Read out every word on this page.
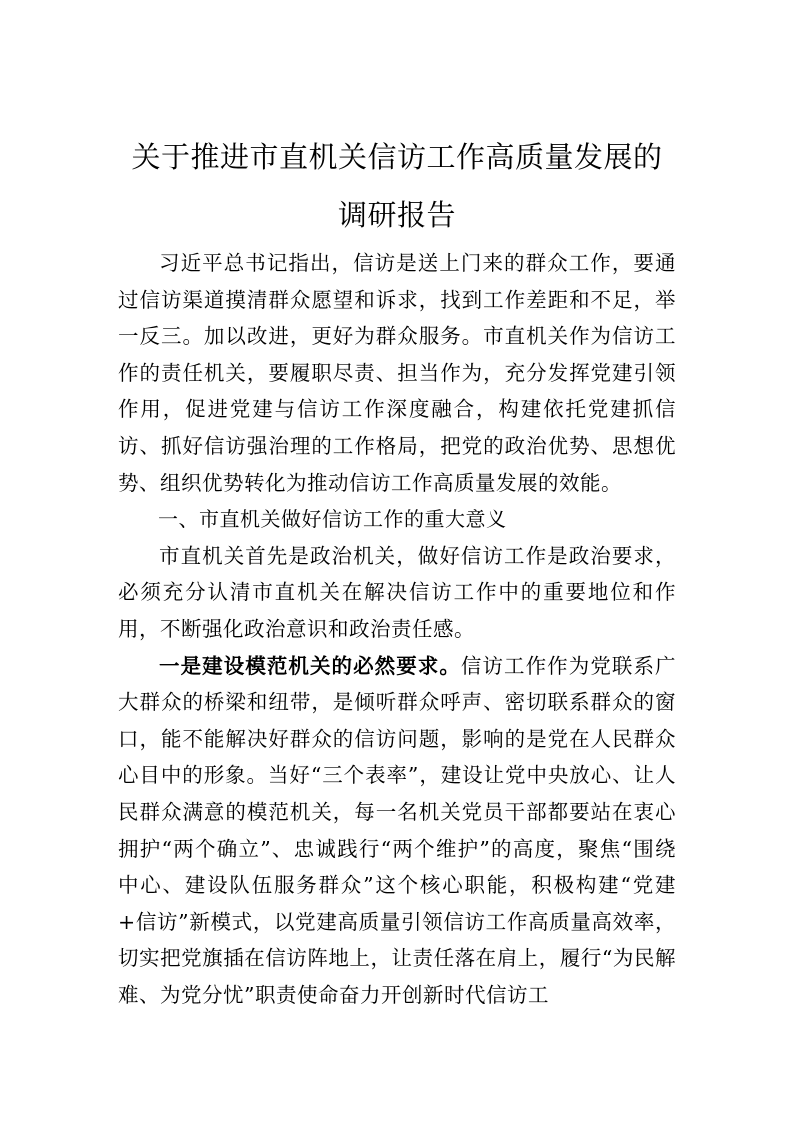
关于推进市直机关信访工作高质量发展的
调研报告

习近平总书记指出，信访是送上门来的群众工作，要通过信访渠道摸清群众愿望和诉求，找到工作差距和不足，举一反三。加以改进，更好为群众服务。市直机关作为信访工作的责任机关，要履职尽责、担当作为，充分发挥党建引领作用，促进党建与信访工作深度融合，构建依托党建抓信访、抓好信访强治理的工作格局，把党的政治优势、思想优势、组织优势转化为推动信访工作高质量发展的效能。

一、市直机关做好信访工作的重大意义

市直机关首先是政治机关，做好信访工作是政治要求，必须充分认清市直机关在解决信访工作中的重要地位和作用，不断强化政治意识和政治责任感。

一是建设模范机关的必然要求。信访工作作为党联系广大群众的桥梁和纽带，是倾听群众呼声、密切联系群众的窗口，能不能解决好群众的信访问题，影响的是党在人民群众心目中的形象。当好“三个表率”，建设让党中央放心、让人民群众满意的模范机关，每一名机关党员干部都要站在衷心拥护“两个确立”、忠诚践行“两个维护”的高度，聚焦“围绕中心、建设队伍服务群众”这个核心职能，积极构建“党建+信访”新模式，以党建高质量引领信访工作高质量高效率，切实把党旗插在信访阵地上，让责任落在肩上，履行“为民解难、为党分忧”职责使命奋力开创新时代信访工
